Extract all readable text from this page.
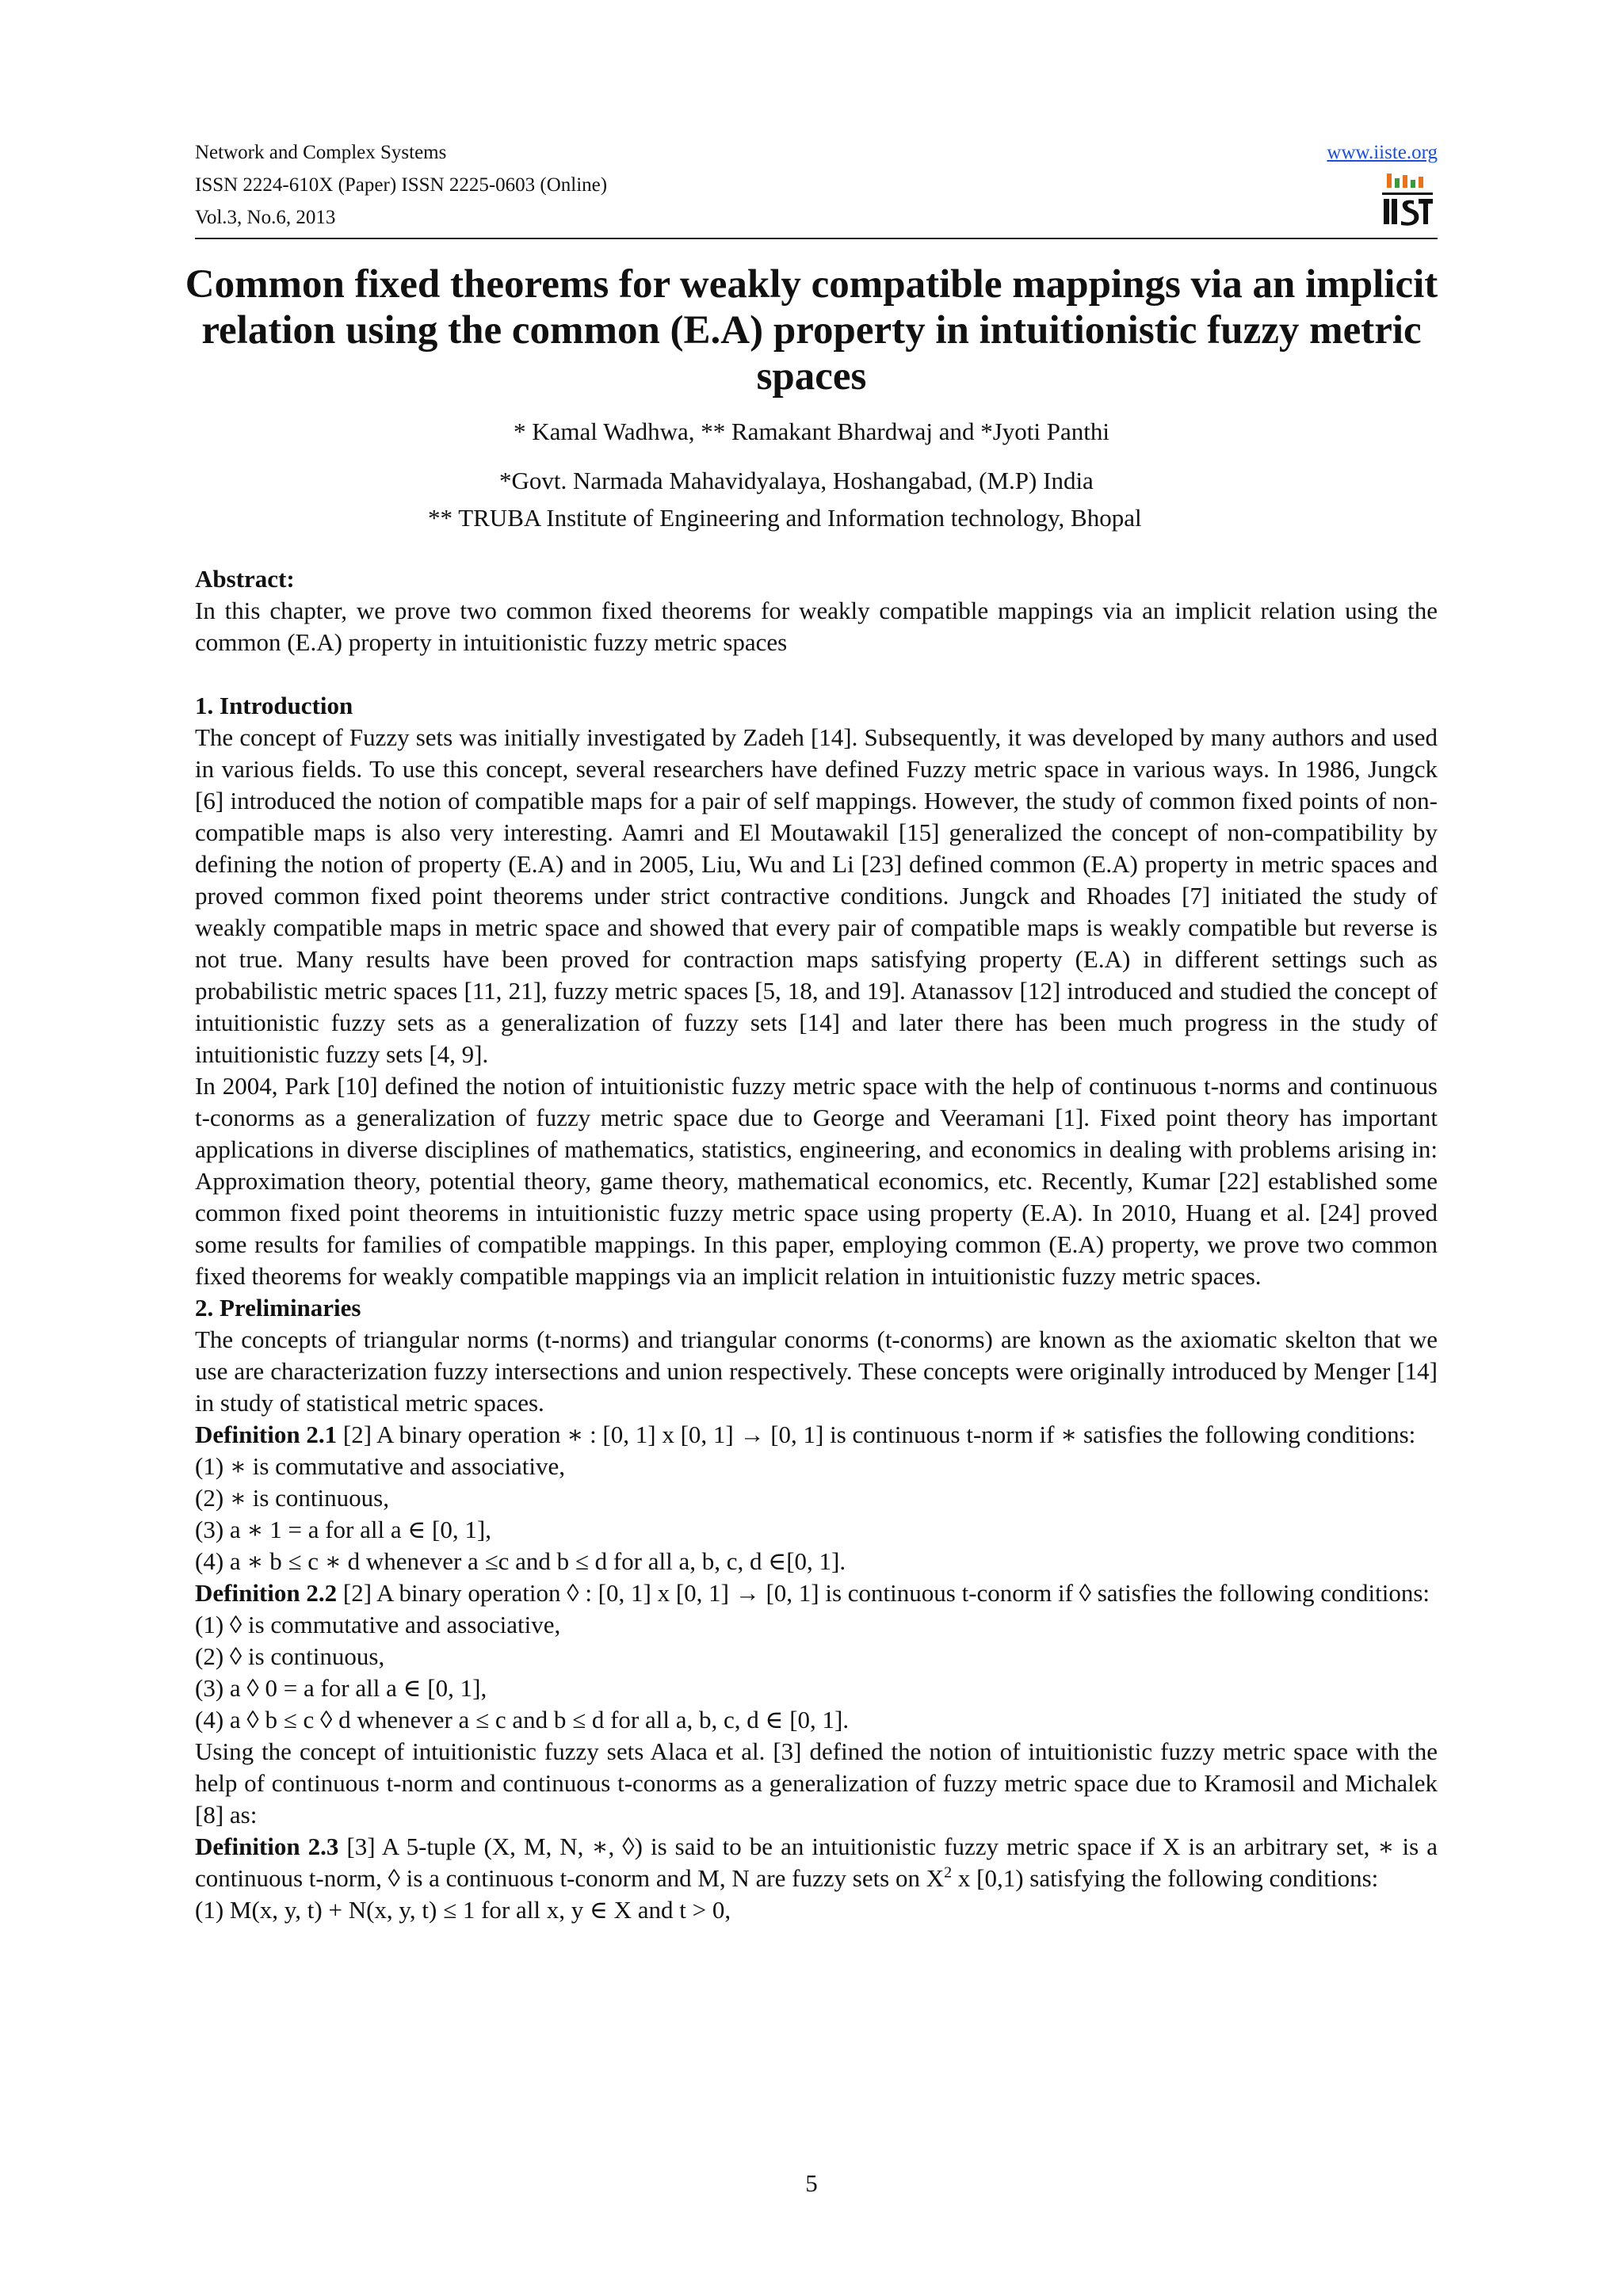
Network and Complex Systems
ISSN 2224-610X (Paper) ISSN 2225-0603 (Online)
Vol.3, No.6, 2013
www.iiste.org
Common fixed theorems for weakly compatible mappings via an implicit relation using the common (E.A) property in intuitionistic fuzzy metric spaces
* Kamal Wadhwa, ** Ramakant Bhardwaj and *Jyoti Panthi
*Govt. Narmada Mahavidyalaya, Hoshangabad, (M.P) India
** TRUBA Institute of Engineering and Information technology, Bhopal

Abstract:

In this chapter, we prove two common fixed theorems for weakly compatible mappings via an implicit relation using the common (E.A) property in intuitionistic fuzzy metric spaces

1. Introduction

The concept of Fuzzy sets was initially investigated by Zadeh [14]. Subsequently, it was developed by many authors and used in various fields. To use this concept, several researchers have defined Fuzzy metric space in various ways. In 1986, Jungck [6] introduced the notion of compatible maps for a pair of self mappings. However, the study of common fixed points of non-compatible maps is also very interesting. Aamri and El Moutawakil [15] generalized the concept of non-compatibility by defining the notion of property (E.A) and in 2005, Liu, Wu and Li [23] defined common (E.A) property in metric spaces and proved common fixed point theorems under strict contractive conditions. Jungck and Rhoades [7] initiated the study of weakly compatible maps in metric space and showed that every pair of compatible maps is weakly compatible but reverse is not true. Many results have been proved for contraction maps satisfying property (E.A) in different settings such as probabilistic metric spaces [11, 21], fuzzy metric spaces [5, 18, and 19]. Atanassov [12] introduced and studied the concept of intuitionistic fuzzy sets as a generalization of fuzzy sets [14] and later there has been much progress in the study of intuitionistic fuzzy sets [4, 9].

In 2004, Park [10] defined the notion of intuitionistic fuzzy metric space with the help of continuous t-norms and continuous t-conorms as a generalization of fuzzy metric space due to George and Veeramani [1]. Fixed point theory has important applications in diverse disciplines of mathematics, statistics, engineering, and economics in dealing with problems arising in: Approximation theory, potential theory, game theory, mathematical economics, etc. Recently, Kumar [22] established some common fixed point theorems in intuitionistic fuzzy metric space using property (E.A). In 2010, Huang et al. [24] proved some results for families of compatible mappings. In this paper, employing common (E.A) property, we prove two common fixed theorems for weakly compatible mappings via an implicit relation in intuitionistic fuzzy metric spaces.

2. Preliminaries

The concepts of triangular norms (t-norms) and triangular conorms (t-conorms) are known as the axiomatic skelton that we use are characterization fuzzy intersections and union respectively. These concepts were originally introduced by Menger [14] in study of statistical metric spaces.

Definition 2.1 [2] A binary operation ∗ : [0, 1] x [0, 1] → [0, 1] is continuous t-norm if ∗ satisfies the following conditions:

(1) ∗ is commutative and associative,

(2) ∗ is continuous,

(3) a ∗ 1 = a for all a ∈ [0, 1],

(4) a ∗ b ≤ c ∗ d whenever a ≤c and b ≤ d for all a, b, c, d ∈[0, 1].

Definition 2.2 [2] A binary operation ◊ : [0, 1] x [0, 1] → [0, 1] is continuous t-conorm if ◊ satisfies the following conditions:

(1) ◊ is commutative and associative,

(2) ◊ is continuous,

(3) a ◊ 0 = a for all a ∈ [0, 1],

(4) a ◊ b ≤ c ◊ d whenever a ≤ c and b ≤ d for all a, b, c, d ∈ [0, 1].

Using the concept of intuitionistic fuzzy sets Alaca et al. [3] defined the notion of intuitionistic fuzzy metric space with the help of continuous t-norm and continuous t-conorms as a generalization of fuzzy metric space due to Kramosil and Michalek [8] as:

Definition 2.3 [3] A 5-tuple (X, M, N, ∗, ◊) is said to be an intuitionistic fuzzy metric space if X is an arbitrary set, ∗ is a continuous t-norm, ◊ is a continuous t-conorm and M, N are fuzzy sets on $X^2$ x [0,1) satisfying the following conditions:

(1) M(x, y, t) + N(x, y, t) ≤ 1 for all x, y ∈ X and t > 0,

5
